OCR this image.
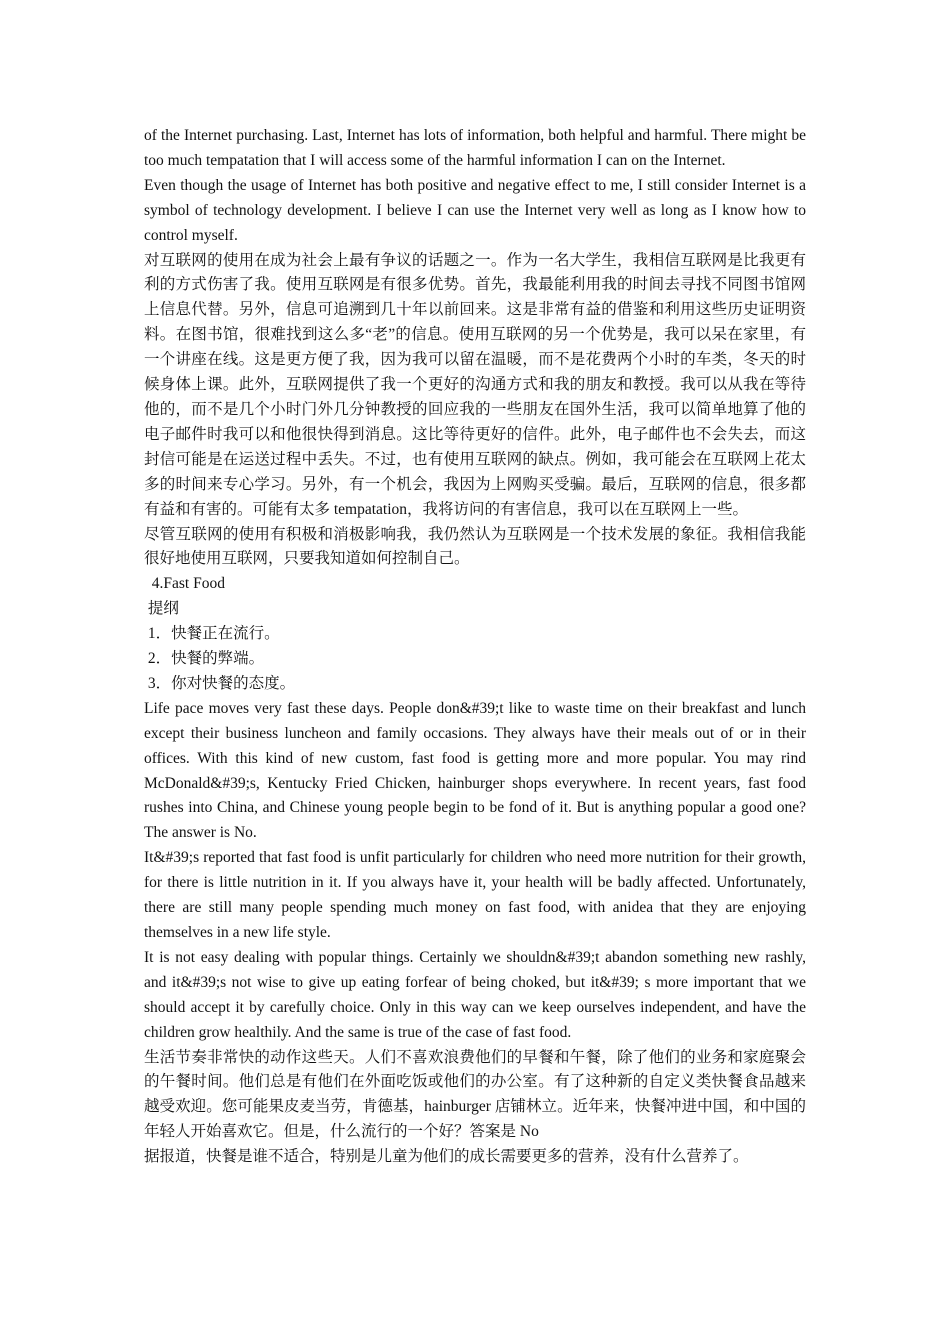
of the Internet purchasing. Last, Internet has lots of information, both helpful and harmful. There might be too much tempatation that I will access some of the harmful information I can on the Internet.

Even though the usage of Internet has both positive and negative effect to me, I still consider Internet is a symbol of technology development. I believe I can use the Internet very well as long as I know how to control myself.

对互联网的使用在成为社会上最有争议的话题之一。作为一名大学生，我相信互联网是比我更有利的方式伤害了我。使用互联网是有很多优势。首先，我最能利用我的时间去寻找不同图书馆网上信息代替。另外，信息可追溯到几十年以前回来。这是非常有益的借鉴和利用这些历史证明资料。在图书馆，很难找到这么多“老”的信息。使用互联网的另一个优势是，我可以呆在家里，有一个讲座在线。这是更方便了我，因为我可以留在温暖，而不是花费两个小时的车类，冬天的时候身体上课。此外，互联网提供了我一个更好的沟通方式和我的朋友和教授。我可以从我在等待他的，而不是几个小时门外几分钟教授的回应我的一些朋友在国外生活，我可以简单地算了他的电子邮件时我可以和他很快得到消息。这比等待更好的信件。此外，电子邮件也不会失去，而这封信可能是在运送过程中丢失。不过，也有使用互联网的缺点。例如，我可能会在互联网上花太多的时间来专心学习。另外，有一个机会，我因为上网购买受骗。最后，互联网的信息，很多都有益和有害的。可能有太多 tempatation，我将访问的有害信息，我可以在互联网上一些。

尽管互联网的使用有积极和消极影响我，我仍然认为互联网是一个技术发展的象征。我相信我能很好地使用互联网，只要我知道如何控制自己。

4.Fast Food

提纲

1．快餐正在流行。

2．快餐的弊端。

3．你对快餐的态度。

Life pace moves very fast these days. People don&#39;t like to waste time on their breakfast and lunch except their business luncheon and family occasions. They always have their meals out of or in their offices. With this kind of new custom, fast food is getting more and more popular. You may rind McDonald&#39;s, Kentucky Fried Chicken, hainburger shops everywhere. In recent years, fast food rushes into China, and Chinese young people begin to be fond of it. But is anything popular a good one? The answer is No.

It&#39;s reported that fast food is unfit particularly for children who need more nutrition for their growth, for there is little nutrition in it. If you always have it, your health will be badly affected. Unfortunately, there are still many people spending much money on fast food, with anidea that they are enjoying themselves in a new life style.

It is not easy dealing with popular things. Certainly we shouldn&#39;t abandon something new rashly, and it&#39;s not wise to give up eating forfear of being choked, but it&#39; s more important that we should accept it by carefully choice. Only in this way can we keep ourselves independent, and have the children grow healthily. And the same is true of the case of fast food.

生活节奏非常快的动作这些天。人们不喜欢浪费他们的早餐和午餐，除了他们的业务和家庭聚会的午餐时间。他们总是有他们在外面吃饭或他们的办公室。有了这种新的自定义类快餐食品越来越受欢迎。您可能果皮麦当劳，肯德基，hainburger 店铺林立。近年来，快餐冲进中国，和中国的年轻人开始喜欢它。但是，什么流行的一个好？答案是 No

据报道，快餐是谁不适合，特别是儿童为他们的成长需要更多的营养，没有什么营养了。
